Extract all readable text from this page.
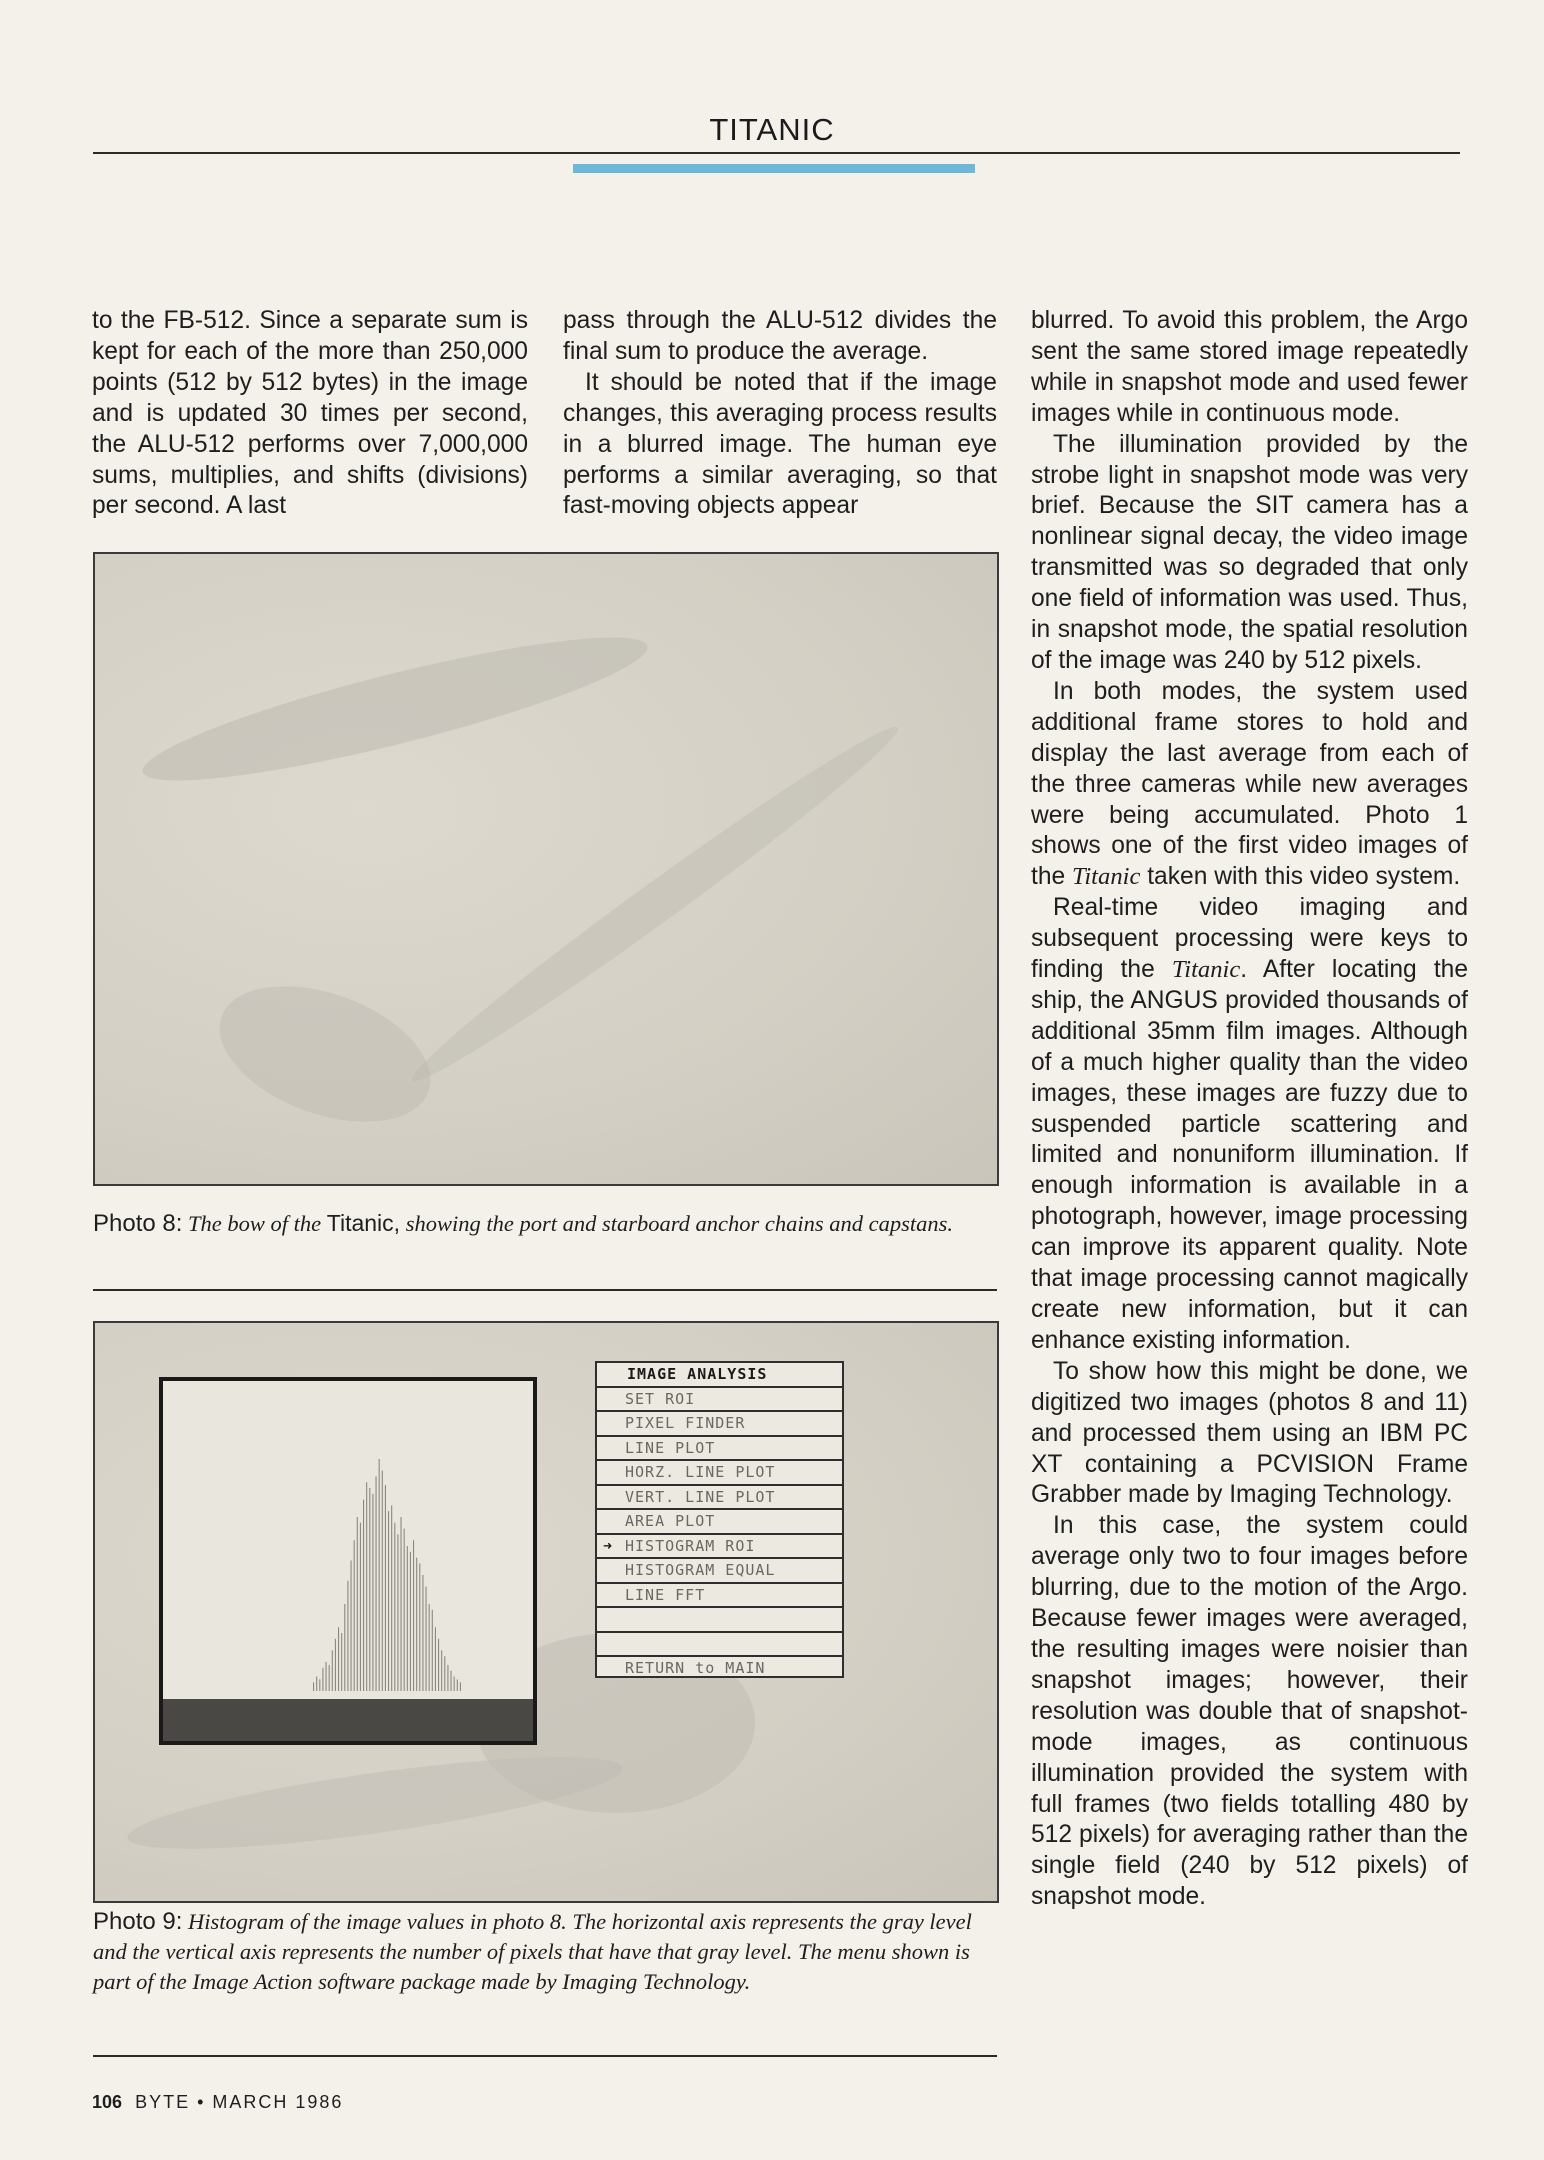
TITANIC

to the FB-512. Since a separate sum is kept for each of the more than 250,000 points (512 by 512 bytes) in the image and is updated 30 times per second, the ALU-512 performs over 7,000,000 sums, multiplies, and shifts (divisions) per second. A last

pass through the ALU-512 divides the final sum to produce the average.

It should be noted that if the image changes, this averaging process results in a blurred image. The human eye performs a similar averaging, so that fast-moving objects appear

blurred. To avoid this problem, the Argo sent the same stored image repeatedly while in snapshot mode and used fewer images while in continuous mode.

The illumination provided by the strobe light in snapshot mode was very brief. Because the SIT camera has a nonlinear signal decay, the video image transmitted was so degraded that only one field of information was used. Thus, in snapshot mode, the spatial resolution of the image was 240 by 512 pixels.

In both modes, the system used additional frame stores to hold and display the last average from each of the three cameras while new averages were being accumulated. Photo 1 shows one of the first video images of the Titanic taken with this video system.

Real-time video imaging and subsequent processing were keys to finding the Titanic. After locating the ship, the ANGUS provided thousands of additional 35mm film images. Although of a much higher quality than the video images, these images are fuzzy due to suspended particle scattering and limited and nonuniform illumination. If enough information is available in a photograph, however, image processing can improve its apparent quality. Note that image processing cannot magically create new information, but it can enhance existing information.

To show how this might be done, we digitized two images (photos 8 and 11) and processed them using an IBM PC XT containing a PCVISION Frame Grabber made by Imaging Technology.

In this case, the system could average only two to four images before blurring, due to the motion of the Argo. Because fewer images were averaged, the resulting images were noisier than snapshot images; however, their resolution was double that of snapshot-mode images, as continuous illumination provided the system with full frames (two fields totalling 480 by 512 pixels) for averaging rather than the single field (240 by 512 pixels) of snapshot mode.

Photo 8: The bow of the Titanic, showing the port and starboard anchor chains and capstans.
IMAGE ANALYSIS
SET ROI
PIXEL FINDER
LINE PLOT
HORZ. LINE PLOT
VERT. LINE PLOT
AREA PLOT
➜ HISTOGRAM ROI
HISTOGRAM EQUAL
LINE FFT
RETURN to MAIN
Photo 9: Histogram of the image values in photo 8. The horizontal axis represents the gray level and the vertical axis represents the number of pixels that have that gray level. The menu shown is part of the Image Action software package made by Imaging Technology.
106 BYTE • MARCH 1986
